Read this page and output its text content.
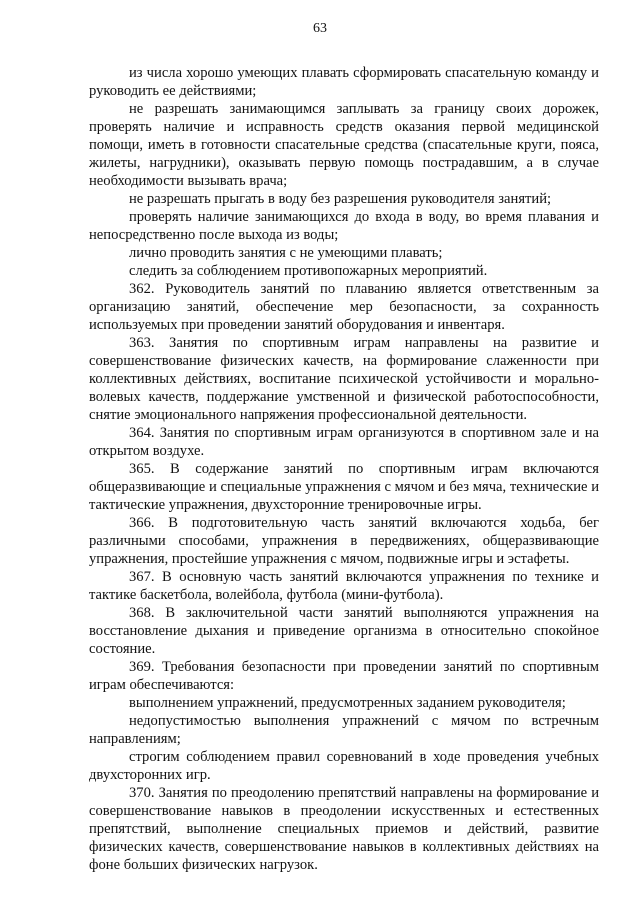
63

из числа хорошо умеющих плавать сформировать спасательную команду и руководить ее действиями;

не разрешать занимающимся заплывать за границу своих дорожек, проверять наличие и исправность средств оказания первой медицинской помощи, иметь в готовности спасательные средства (спасательные круги, пояса, жилеты, нагрудники), оказывать первую помощь пострадавшим, а в случае необходимости вызывать врача;

не разрешать прыгать в воду без разрешения руководителя занятий;

проверять наличие занимающихся до входа в воду, во время плавания и непосредственно после выхода из воды;

лично проводить занятия с не умеющими плавать;

следить за соблюдением противопожарных мероприятий.

362. Руководитель занятий по плаванию является ответственным за организацию занятий, обеспечение мер безопасности, за сохранность используемых при проведении занятий оборудования и инвентаря.

363. Занятия по спортивным играм направлены на развитие и совершенствование физических качеств, на формирование слаженности при коллективных действиях, воспитание психической устойчивости и морально-волевых качеств, поддержание умственной и физической работоспособности, снятие эмоционального напряжения профессиональной деятельности.

364. Занятия по спортивным играм организуются в спортивном зале и на открытом воздухе.

365. В содержание занятий по спортивным играм включаются общеразвивающие и специальные упражнения с мячом и без мяча, технические и тактические упражнения, двухсторонние тренировочные игры.

366. В подготовительную часть занятий включаются ходьба, бег различными способами, упражнения в передвижениях, общеразвивающие упражнения, простейшие упражнения с мячом, подвижные игры и эстафеты.

367. В основную часть занятий включаются упражнения по технике и тактике баскетбола, волейбола, футбола (мини-футбола).

368. В заключительной части занятий выполняются упражнения на восстановление дыхания и приведение организма в относительно спокойное состояние.

369. Требования безопасности при проведении занятий по спортивным играм обеспечиваются:

выполнением упражнений, предусмотренных заданием руководителя;

недопустимостью выполнения упражнений с мячом по встречным направлениям;

строгим соблюдением правил соревнований в ходе проведения учебных двухсторонних игр.

370. Занятия по преодолению препятствий направлены на формирование и совершенствование навыков в преодолении искусственных и естественных препятствий, выполнение специальных приемов и действий, развитие физических качеств, совершенствование навыков в коллективных действиях на фоне больших физических нагрузок.
